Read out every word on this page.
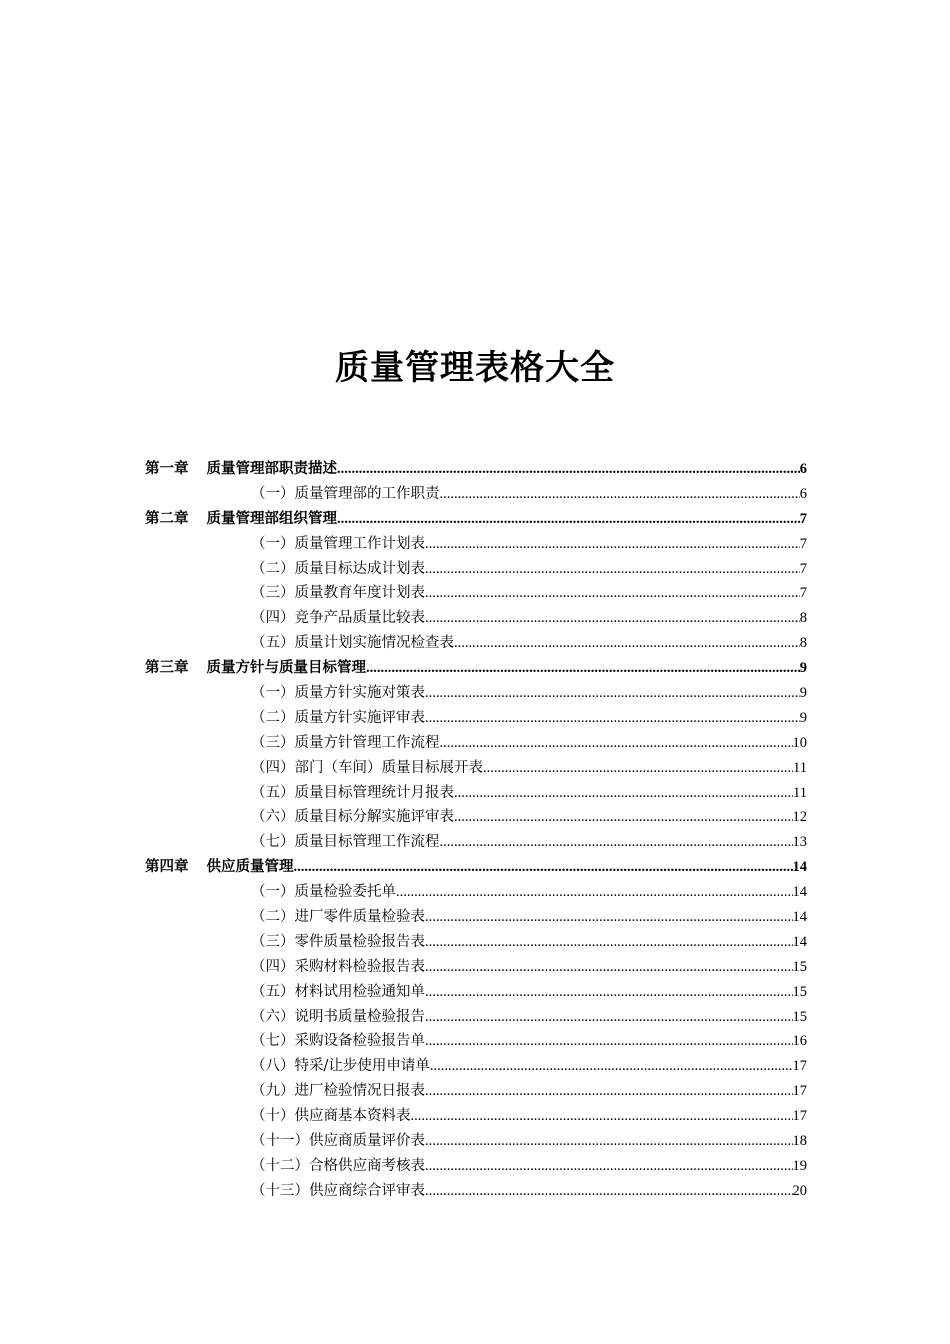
质量管理表格大全
第一章 质量管理部职责描述 .....	6
（一）质量管理部的工作职责 .....	6
第二章 质量管理部组织管理 .....	7
（一）质量管理工作计划表 .....	7
（二）质量目标达成计划表 .....	7
（三）质量教育年度计划表 .....	7
（四）竞争产品质量比较表 .....	8
（五）质量计划实施情况检查表 .....	8
第三章 质量方针与质量目标管理 .....	9
（一）质量方针实施对策表 .....	9
（二）质量方针实施评审表 .....	9
（三）质量方针管理工作流程 .....	10
（四）部门（车间）质量目标展开表 .....	11
（五）质量目标管理统计月报表 .....	11
（六）质量目标分解实施评审表 .....	12
（七）质量目标管理工作流程 .....	13
第四章 供应质量管理 .....	14
（一）质量检验委托单 .....	14
（二）进厂零件质量检验表 .....	14
（三）零件质量检验报告表 .....	14
（四）采购材料检验报告表 .....	15
（五）材料试用检验通知单 .....	15
（六）说明书质量检验报告 .....	15
（七）采购设备检验报告单 .....	16
（八）特采/让步使用申请单 .....	17
（九）进厂检验情况日报表 .....	17
（十）供应商基本资料表 .....	17
（十一）供应商质量评价表 .....	18
（十二）合格供应商考核表 .....	19
（十三）供应商综合评审表 .....	20
